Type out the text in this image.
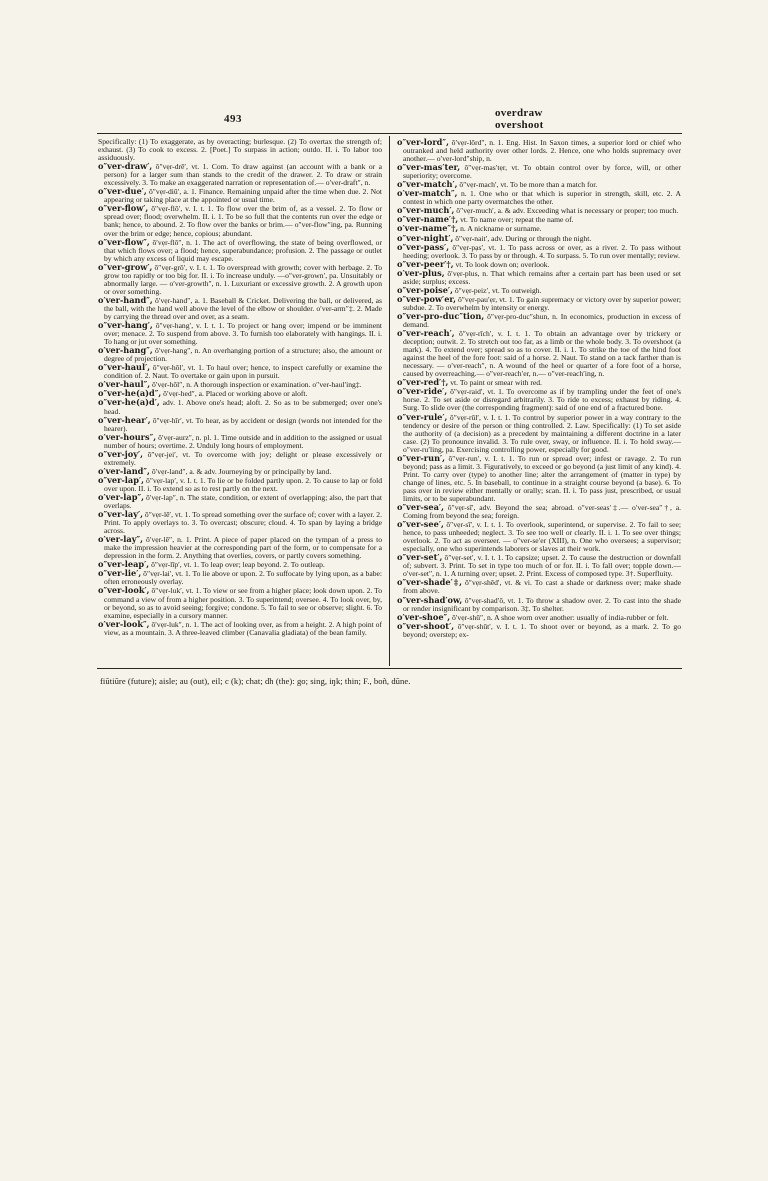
493	overdraw
overshoot

Specifically: (1) To exaggerate, as by overacting; burlesque. (2) To overtax the strength of; exhaust. (3) To cook to excess. 2. [Poet.] To surpass in action; outdo. II. i. To labor too assiduously.

o″ver-draw′, ō″vẹr-drē′, vt. 1. Com. To draw against (an account with a bank or a person) for a larger sum than stands to the credit of the drawer. 2. To draw or strain excessively. 3. To make an exaggerated narration or representation of.— o′ver-draft″, n.

o″ver-due′, ō″vẹr-diū′, a. 1. Finance. Remaining unpaid after the time when due. 2. Not appearing or taking place at the appointed or usual time.

o″ver-flow′, ō″vẹr-flō′, v. I. t. 1. To flow over the brim of, as a vessel. 2. To flow or spread over; flood; overwhelm. II. i. 1. To be so full that the contents run over the edge or bank; hence, to abound. 2. To flow over the banks or brim.— o″ver-flow″ing, pa. Running over the brim or edge; hence, copious; abundant.

o″ver-flow″, ō′vẹr-flō″, n. 1. The act of overflowing, the state of being overflowed, or that which flows over; a flood; hence, superabundance; profusion. 2. The passage or outlet by which any excess of liquid may escape.

o″ver-grow′, ō″vẹr-grō′, v. I. t. 1. To overspread with growth; cover with herbage. 2. To grow too rapidly or too big for. II. i. To increase unduly. —o″ver-grown′, pa. Unsuitably or abnormally large. — o′ver-growth″, n. 1. Luxuriant or excessive growth. 2. A growth upon or over something.

o′ver-hand″, ō′vẹr-hand″, a. 1. Baseball & Cricket. Delivering the ball, or delivered, as the ball, with the hand well above the level of the elbow or shoulder. o′ver-arm″‡. 2. Made by carrying the thread over and over, as a seam.

o″ver-hang′, ō″vẹr-hang′, v. I. t. 1. To project or hang over; impend or be imminent over; menace. 2. To suspend from above. 3. To furnish too elaborately with hangings. II. i. To hang or jut over something.

o′ver-hang″, ō′vẹr-hang″, n. An overhanging portion of a structure; also, the amount or degree of projection.

o″ver-haul′, ō″vẹr-hōl′, vt. 1. To haul over; hence, to inspect carefully or examine the condition of. 2. Naut. To overtake or gain upon in pursuit.

o′ver-haul″, ō′vẹr-hōl″, n. A thorough inspection or examination. o″ver-haul′ing‡.

o″ver-he(a)d″, ō′vẹr-hed″, a. Placed or working above or aloft.

o″ver-he(a)d′, adv. 1. Above one's head; aloft. 2. So as to be submerged; over one's head.

o″ver-hear′, ō″vẹr-hīr′, vt. To hear, as by accident or design (words not intended for the hearer).

o′ver-hours″, ō′vẹr-aurz″, n. pl. 1. Time outside and in addition to the assigned or usual number of hours; overtime. 2. Unduly long hours of employment.

o″ver-joy′, ō″vẹr-jei′, vt. To overcome with joy; delight or please excessively or extremely.

o′ver-land″, ō′vẹr-land″, a. & adv. Journeying by or principally by land.

o″ver-lap′, ō″vẹr-lap′, v. I. t. 1. To lie or be folded partly upon. 2. To cause to lap or fold over upon. II. i. To extend so as to rest partly on the next.

o′ver-lap″, ō′vẹr-lap″, n. The state, condition, or extent of overlapping; also, the part that overlaps.

o″ver-lay′, ō″vẹr-lē′, vt. 1. To spread something over the surface of; cover with a layer. 2. Print. To apply overlays to. 3. To overcast; obscure; cloud. 4. To span by laying a bridge across.

o′ver-lay″, ō′vẹr-lē″, n. 1. Print. A piece of paper placed on the tympan of a press to make the impression heavier at the corresponding part of the form, or to compensate for a depression in the form. 2. Anything that overlies, covers, or partly covers something.

o″ver-leap′, ō″vẹr-līp′, vt. 1. To leap over; leap beyond. 2. To outleap.

o″ver-lie′, ō″vẹr-lai′, vt. 1. To lie above or upon. 2. To suffocate by lying upon, as a babe: often erroneously overlay.

o″ver-look′, ō″vẹr-luk′, vt. 1. To view or see from a higher place; look down upon. 2. To command a view of from a higher position. 3. To superintend; oversee. 4. To look over, by, or beyond, so as to avoid seeing; forgive; condone. 5. To fail to see or observe; slight. 6. To examine, especially in a cursory manner.

o′ver-look″, ō′vẹr-luk″, n. 1. The act of looking over, as from a height. 2. A high point of view, as a mountain. 3. A three-leaved climber (Canavalia gladiata) of the bean family.

o″ver-lord″, ō′vẹr-lōrd″, n. 1. Eng. Hist. In Saxon times, a superior lord or chief who outranked and held authority over other lords. 2. Hence, one who holds supremacy over another.— o′ver-lord″ship, n.

o″ver-mas′ter, ō″vẹr-mas′tẹr, vt. To obtain control over by force, will, or other superiority; overcome.

o″ver-match′, ō″vẹr-mach′, vt. To be more than a match for.

o′ver-match″, n. 1. One who or that which is superior in strength, skill, etc. 2. A contest in which one party overmatches the other.

o″ver-much′, ō″vẹr-much′, a. & adv. Exceeding what is necessary or proper; too much.

o″ver-name′†, vt. To name over; repeat the name of.

o′ver-name″†, n. A nickname or surname.

o″ver-night′, ō″vẹr-nait′, adv. During or through the night.

o″ver-pass′, ō″vẹr-pạs′, vt. 1. To pass across or over, as a river. 2. To pass without heeding; overlook. 3. To pass by or through. 4. To surpass. 5. To run over mentally; review.

o″ver-peer′†, vt. To look down on; overlook.

o′ver-plus, ō′vẹr-plus, n. That which remains after a certain part has been used or set aside; surplus; excess.

o″ver-poise′, ō″vẹr-peiz′, vt. To outweigh.

o″ver-pow′er, ō″vẹr-pau′ẹr, vt. 1. To gain supremacy or victory over by superior power; subdue. 2. To overwhelm by intensity or energy.

o″ver-pro-duc″tion, ō″vẹr-pro-duc″shun, n. In economics, production in excess of demand.

o″ver-reach′, ō″vẹr-rīch′, v. I. t. 1. To obtain an advantage over by trickery or deception; outwit. 2. To stretch out too far, as a limb or the whole body. 3. To overshoot (a mark). 4. To extend over; spread so as to cover. II. i. 1. To strike the toe of the hind foot against the heel of the fore foot: said of a horse. 2. Naut. To stand on a tack farther than is necessary. — o′ver-reach″, n. A wound of the heel or quarter of a fore foot of a horse, caused by overreaching.— o″ver-reach′er, n.— o″ver-reach′ing, n.

o″ver-red′†, vt. To paint or smear with red.

o″ver-ride′, ō″vẹr-raid′, vt. 1. To overcome as if by trampling under the feet of one's horse. 2. To set aside or disregard arbitrarily. 3. To ride to excess; exhaust by riding. 4. Surg. To slide over (the corresponding fragment): said of one end of a fractured bone.

o″ver-rule′, ō″vẹr-rūl′, v. I. t. 1. To control by superior power in a way contrary to the tendency or desire of the person or thing controlled. 2. Law. Specifically: (1) To set aside the authority of (a decision) as a precedent by maintaining a different doctrine in a later case. (2) To pronounce invalid. 3. To rule over, sway, or influence. II. i. To hold sway.— o″ver-ru′ling, pa. Exercising controlling power, especially for good.

o″ver-run′, ō″vẹr-run′, v. I. t. 1. To run or spread over; infest or ravage. 2. To run beyond; pass as a limit. 3. Figuratively, to exceed or go beyond (a just limit of any kind). 4. Print. To carry over (type) to another line; alter the arrangement of (matter in type) by change of lines, etc. 5. In baseball, to continue in a straight course beyond (a base). 6. To pass over in review either mentally or orally; scan. II. i. To pass just, prescribed, or usual limits, or to be superabundant.

o″ver-sea′, ō″vẹr-sī′, adv. Beyond the sea; abroad. o″ver-seas′‡.— o′ver-sea″†, a. Coming from beyond the sea; foreign.

o″ver-see′, ō″vẹr-sī′, v. I. t. 1. To overlook, superintend, or supervise. 2. To fail to see; hence, to pass unheeded; neglect. 3. To see too well or clearly. II. i. 1. To see over things; overlook. 2. To act as overseer. — o″ver-se′er (XIII), n. One who oversees; a supervisor; especially, one who superintends laborers or slaves at their work.

o″ver-set′, ō″vẹr-set′, v. I. t. 1. To capsize; upset. 2. To cause the destruction or downfall of; subvert. 3. Print. To set in type too much of or for. II. i. To fall over; topple down.— o′ver-set″, n. 1. A turning over; upset. 2. Print. Excess of composed type. 3†. Superfluity.

o″ver-shade′‡, ō″vẹr-shēd′, vt. & vi. To cast a shade or darkness over; make shade from above.

o″ver-shad′ow, ō″vẹr-shad′ō, vt. 1. To throw a shadow over. 2. To cast into the shade or render insignificant by comparison. 3‡. To shelter.

o′ver-shoe″, ō′vẹr-shū″, n. A shoe worn over another: usually of india-rubber or felt.

o″ver-shoot′, ō″vẹr-shūt′, v. I. t. 1. To shoot over or beyond, as a mark. 2. To go beyond; overstep; ex-

fiūtiūre (future); aisle; au (out), eil; c (k); chat; dh (the): go; sing, iŋk; thin; F., boñ, dūne.
